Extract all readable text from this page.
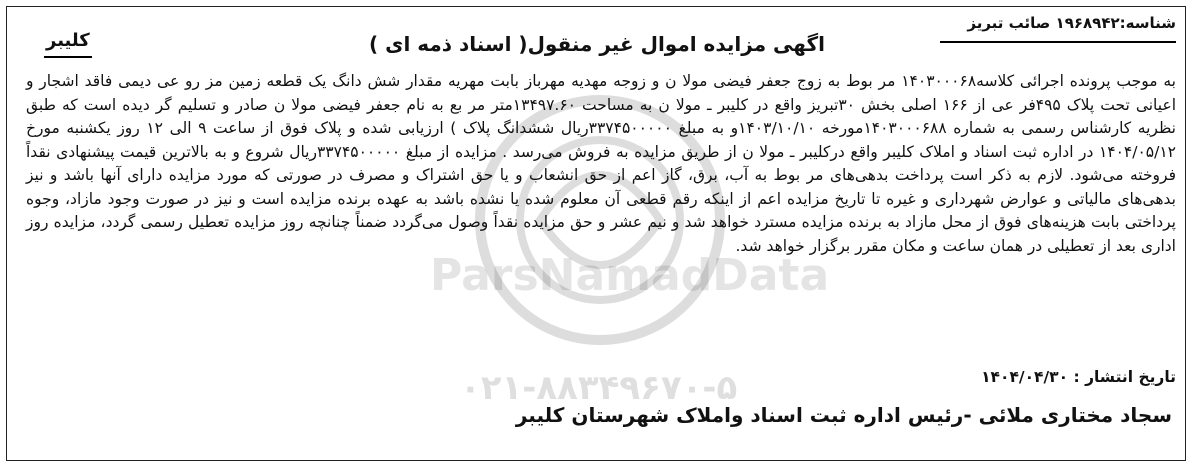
ParsNamadData
۰۲۱-۸۸۳۴۹۶۷۰-۵
شناسه:۱۹۶۸۹۴۲ صائب تبریز
کلیبر	اگهی مزایده اموال غیر منقول( اسناد ذمه ای )

به موجب پرونده اجرائی کلاسه۱۴۰۳۰۰۰۶۸ مر بوط به زوج جعفر فیضی مولا ن و زوجه مهدیه مهرباز بابت مهریه مقدار شش دانگ یک قطعه زمین مز رو عی دیمی فاقد اشجار و اعیانی تحت پلاک ۴۹۵فر عی از ۱۶۶ اصلی بخش ۳۰تبریز واقع در کلیبر ـ مولا ن به مساحت ۱۳۴۹۷.۶۰متر مر بع به نام جعفر فیضی مولا ن صادر و تسلیم گر دیده است که طبق نظریه کارشناس رسمی به شماره ۱۴۰۳۰۰۰۶۸۸مورخه ۱۴۰۳/۱۰/۱۰و به مبلغ ۳۳۷۴۵۰۰۰۰۰ریال ششدانگ پلاک ) ارزیابی شده و پلاک فوق از ساعت ۹ الی ۱۲ روز یکشنبه مورخ ۱۴۰۴/۰۵/۱۲ در اداره ثبت اسناد و املاک کلیبر واقع درکلیبر ـ مولا ن از طریق مزایده به فروش می‌رسد . مزایده از مبلغ ۳۳۷۴۵۰۰۰۰۰ریال شروع و به بالاترین قیمت پیشنهادی نقداً فروخته می‌شود. لازم به ذکر است پرداخت بدهی‌های مر بوط به آب، برق، گاز اعم از حق انشعاب و یا حق اشتراک و مصرف در صورتی که مورد مزایده دارای آنها باشد و نیز بدهی‌های مالیاتی و عوارض شهرداری و غیره تا تاریخ مزایده اعم از اینکه رقم قطعی آن معلوم شده یا نشده باشد به عهده برنده مزایده است و نیز در صورت وجود مازاد، وجوه پرداختی بابت هزینه‌های فوق از محل مازاد به برنده مزایده مسترد خواهد شد و نیم عشر و حق مزایده نقداً وصول می‌گردد ضمناً چنانچه روز مزایده تعطیل رسمی گردد، مزایده روز اداری بعد از تعطیلی در همان ساعت و مکان مقرر برگزار خواهد شد.

تاریخ انتشار : ۱۴۰۴/۰۴/۳۰
سجاد مختاری ملائی -رئیس اداره ثبت اسناد واملاک شهرستان کلیبر
